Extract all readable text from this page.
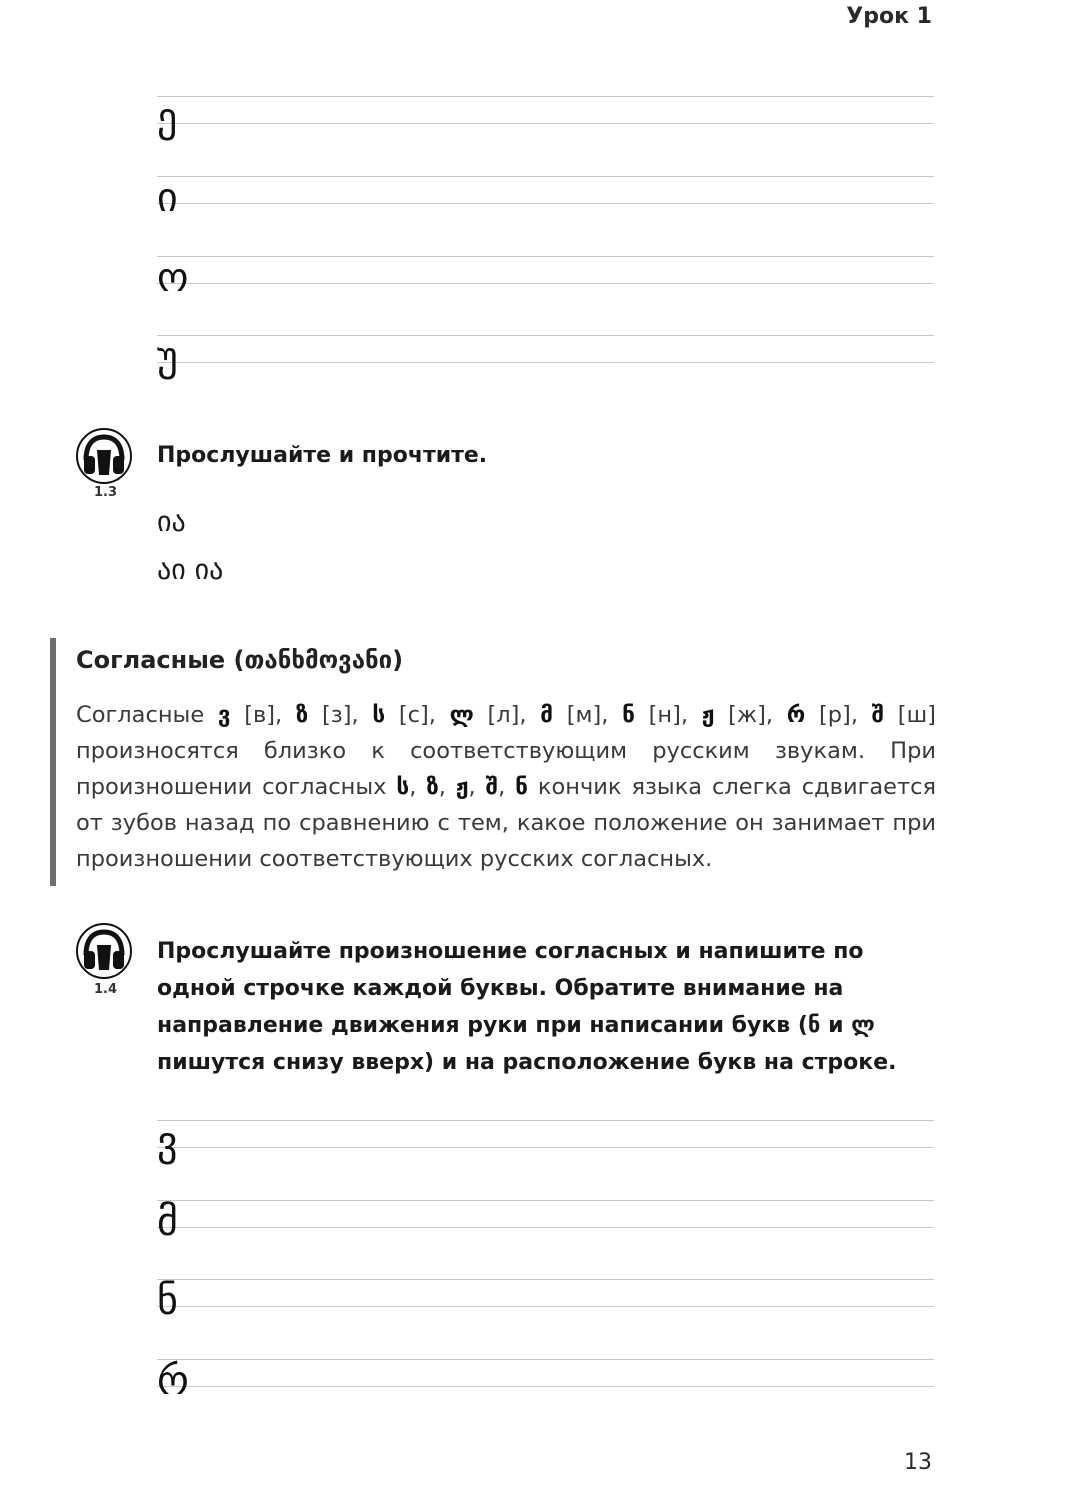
Урок 1
ე
ი
ო
უ
1.3

Прослушайте и прочтите.

ია
აი ია
Согласные (თანხმოვანი)

Согласные ვ [в], ზ [з], ს [с], ლ [л], მ [м], ნ [н], ჟ [ж], რ [р], შ [ш] произносятся близко к соответствующим русским звукам. При произношении согласных ს, ზ, ჟ, შ, ნ кончик языка слегка сдвигается от зубов назад по сравнению с тем, какое положение он занимает при произношении соответствующих русских согласных.

1.4

Прослушайте произношение согласных и напишите по одной строчке каждой буквы. Обратите внимание на направление движения руки при написании букв (ნ и ლ пишутся снизу вверх) и на расположение букв на строке.

ვ
მ
ნ
რ
13
